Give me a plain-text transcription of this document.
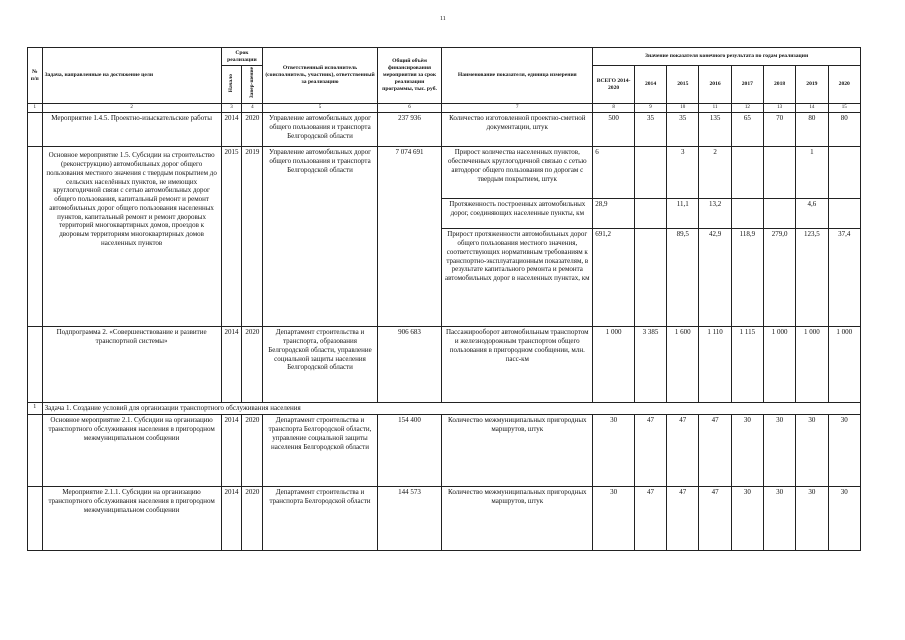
11
№ п/п	Задача, направленные на достижение цели	Срок реализации		Ответственный исполнитель (соисполнитель, участник), ответственный за реализацию	Общий объём финансирования мероприятия за срок реализации программы, тыс. руб.	Наименование показателя, единица измерения	Значение показателя конечного результата по годам реализации							
		Начало	Завер-шение				ВСЕГО 2014-2020	2014	2015	2016	2017	2018	2019	2020
1	2	3	4	5	6	7	8	9	10	11	12	13	14	15
	Мероприятие 1.4.5. Проектно-изыскательские работы	2014	2020	Управление автомобильных дорог общего пользования и транспорта Белгородской области	237 936	Количество изготовленной проектно-сметной документации, штук	500	35	35	135	65	70	80	80
	Основное мероприятие 1.5. Субсидии на строительство (реконструкцию) автомобильных дорог общего пользования местного значения с твердым покрытием до сельских населённых пунктов, не имеющих круглогодичной связи с сетью автомобильных дорог общего пользования, капитальный ремонт и ремонт автомобильных дорог общего пользования населенных пунктов, капитальный ремонт и ремонт дворовых территорий многоквартирных домов, проездов к дворовым территориям многоквартирных домов населенных пунктов	2015	2019	Управление автомобильных дорог общего пользования и транспорта Белгородской области	7 074 691	Прирост количества населенных пунктов, обеспеченных круглогодичной связью с сетью автодорог общего пользования по дорогам с твердым покрытием, штук	6		3	2			1	
						Протяженность построенных автомобильных дорог, соединяющих населенные пункты, км	28,9		11,1	13,2			4,6	
						Прирост протяженности автомобильных дорог общего пользования местного значения, соответствующих нормативным требованиям к транспортно-эксплуатационным показателям, в результате капитального ремонта и ремонта автомобильных дорог в населенных пунктах, км	691,2		89,5	42,9	118,9	279,0	123,5	37,4
	Подпрограмма 2. «Совершенствование и развитие транспортной системы»	2014	2020	Департамент строительства и транспорта, образования Белгородской области, управление социальной защиты населения Белгородской области	906 683	Пассажирооборот автомобильным транспортом и железнодорожным транспортом общего пользования в пригородном сообщении, млн. пасс-км	1 000	3 385	1 600	1 110	1 115	1 000	1 000	1 000
1	Задача 1. Создание условий для организации транспортного обслуживания населения													
	Основное мероприятие 2.1. Субсидии на организацию транспортного обслуживания населения в пригородном межмуниципальном сообщении	2014	2020	Департамент строительства и транспорта Белгородской области, управление социальной защиты населения Белгородской области	154 400	Количество межмуниципальных пригородных маршрутов, штук	30	47	47	47	30	30	30	30
	Мероприятие 2.1.1. Субсидии на организацию транспортного обслуживания населения в пригородном межмуниципальном сообщении	2014	2020	Департамент строительства и транспорта Белгородской области	144 573	Количество межмуниципальных пригородных маршрутов, штук	30	47	47	47	30	30	30	30
